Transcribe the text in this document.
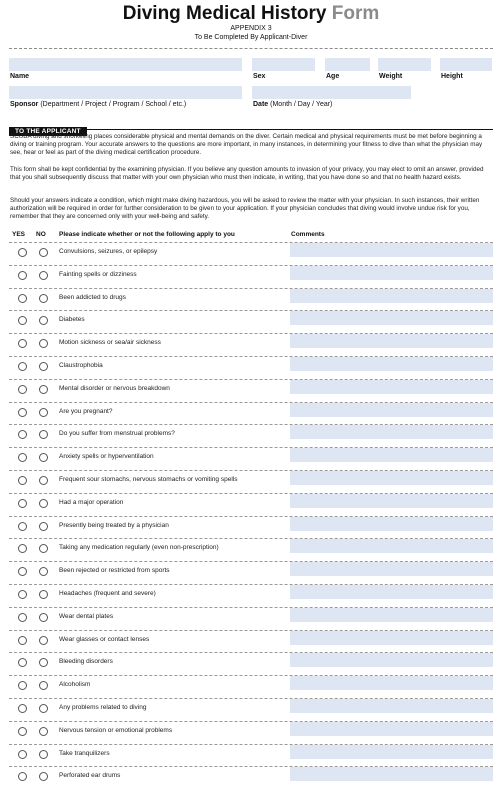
Diving Medical History Form
APPENDIX 3
To Be Completed By Applicant-Diver
Name	Sex	Age	Weight	Height
Sponsor (Department / Project / Program / School / etc.)	Date (Month / Day / Year)
TO THE APPLICANT
SCUBA diving and snorkeling places considerable physical and mental demands on the diver. Certain medical and physical requirements must be met before beginning a diving or training program. Your accurate answers to the questions are more important, in many instances, in determining your fitness to dive than what the physician may see, hear or feel as part of the diving medical certification procedure.
This form shall be kept confidential by the examining physician. If you believe any question amounts to invasion of your privacy, you may elect to omit an answer, provided that you shall subsequently discuss that matter with your own physician who must then indicate, in writing, that you have done so and that no health hazard exists.
Should your answers indicate a condition, which might make diving hazardous, you will be asked to review the matter with your physician. In such instances, their written authorization will be required in order for further consideration to be given to your application. If your physician concludes that diving would involve undue risk for you, remember that they are concerned only with your well-being and safety.
YES NO Please indicate whether or not the following apply to you	Comments
Convulsions, seizures, or epilepsy
Fainting spells or dizziness
Been addicted to drugs
Diabetes
Motion sickness or sea/air sickness
Claustrophobia
Mental disorder or nervous breakdown
Are you pregnant?
Do you suffer from menstrual problems?
Anxiety spells or hyperventilation
Frequent sour stomachs, nervous stomachs or vomiting spells
Had a major operation
Presently being treated by a physician
Taking any medication regularly (even non-prescription)
Been rejected or restricted from sports
Headaches (frequent and severe)
Wear dental plates
Wear glasses or contact lenses
Bleeding disorders
Alcoholism
Any problems related to diving
Nervous tension or emotional problems
Take tranquilizers
Perforated ear drums
